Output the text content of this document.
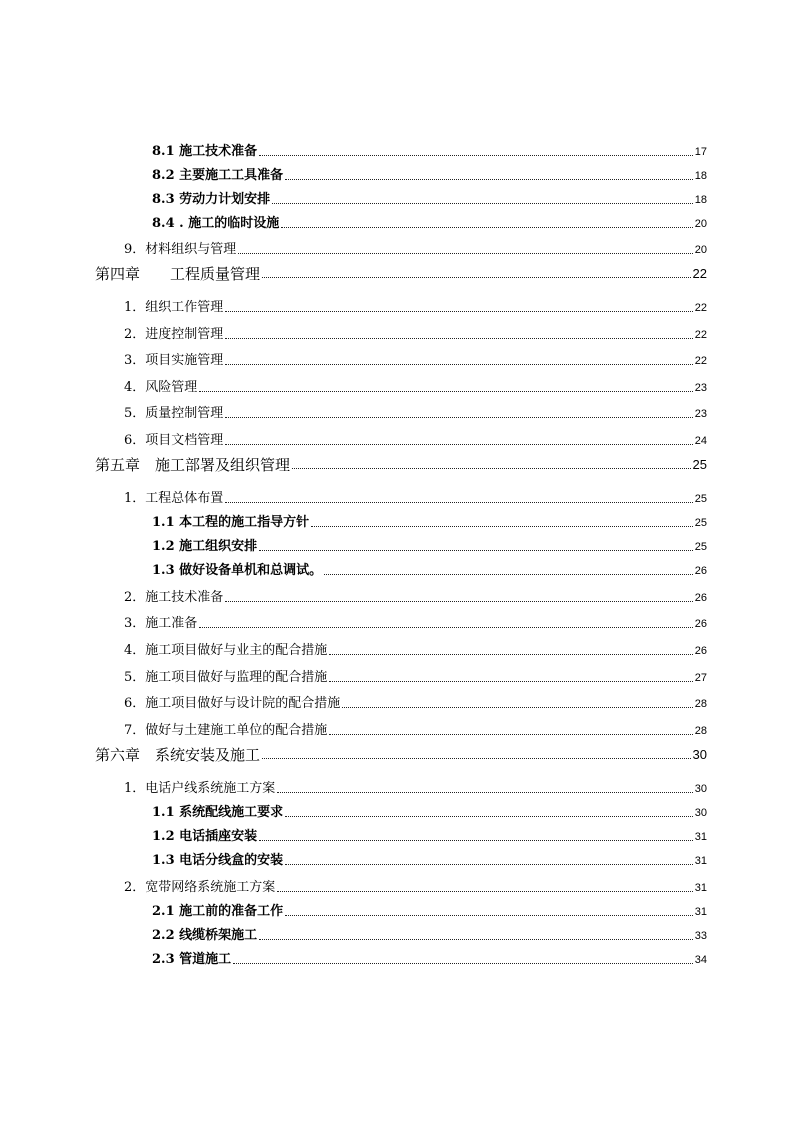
8.1 施工技术准备	17
8.2 主要施工工具准备	18
8.3 劳动力计划安排	18
8.4 . 施工的临时设施	20
9．材料组织与管理	20
第四章　　工程质量管理	22
1．组织工作管理	22
2．进度控制管理	22
3．项目实施管理	22
4．风险管理	23
5．质量控制管理	23
6．项目文档管理	24
第五章　施工部署及组织管理	25
1．工程总体布置	25
1.1 本工程的施工指导方针	25
1.2 施工组织安排	25
1.3 做好设备单机和总调试。	26
2．施工技术准备	26
3．施工准备	26
4．施工项目做好与业主的配合措施	26
5．施工项目做好与监理的配合措施	27
6．施工项目做好与设计院的配合措施	28
7．做好与土建施工单位的配合措施	28
第六章　系统安装及施工	30
1．电话户线系统施工方案	30
1.1 系统配线施工要求	30
1.2 电话插座安装	31
1.3 电话分线盒的安装	31
2．宽带网络系统施工方案	31
2.1 施工前的准备工作	31
2.2 线缆桥架施工	33
2.3 管道施工	34
